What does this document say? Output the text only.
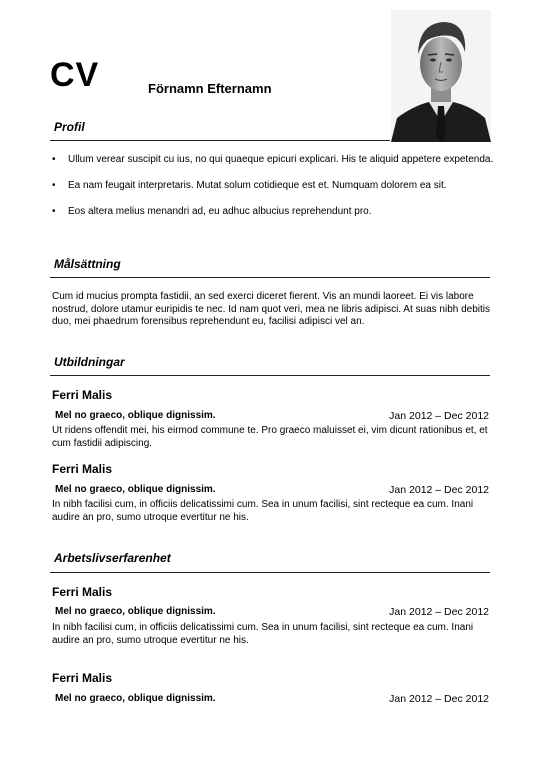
CV	Förnamn Efternamn
Profil
• Ullum verear suscipit cu ius, no qui quaeque epicuri explicari. His te aliquid appetere expetenda.
• Ea nam feugait interpretaris. Mutat solum cotidieque est et. Numquam dolorem ea sit.
• Eos altera melius menandri ad, eu adhuc albucius reprehendunt pro.
Målsättning
Cum id mucius prompta fastidii, an sed exerci diceret fierent. Vis an mundi laoreet. Ei vis labore nostrud, dolore utamur euripidis te nec. Id nam quot veri, mea ne libris adipisci. At suas nibh debitis duo, mei phaedrum forensibus reprehendunt eu, facilisi adipisci vel an.
Utbildningar
Ferri Malis
Mel no graeco, oblique dignissim.	Jan 2012 – Dec 2012
Ut ridens offendit mei, his eirmod commune te. Pro graeco maluisset ei, vim dicunt rationibus et, et cum fastidii adipiscing.
Ferri Malis
Mel no graeco, oblique dignissim.	Jan 2012 – Dec 2012
In nibh facilisi cum, in officiis delicatissimi cum. Sea in unum facilisi, sint recteque ea cum. Inani audire an pro, sumo utroque evertitur ne his.
Arbetslivserfarenhet
Ferri Malis
Mel no graeco, oblique dignissim.	Jan 2012 – Dec 2012
In nibh facilisi cum, in officiis delicatissimi cum. Sea in unum facilisi, sint recteque ea cum. Inani audire an pro, sumo utroque evertitur ne his.
Ferri Malis
Mel no graeco, oblique dignissim.	Jan 2012 – Dec 2012
